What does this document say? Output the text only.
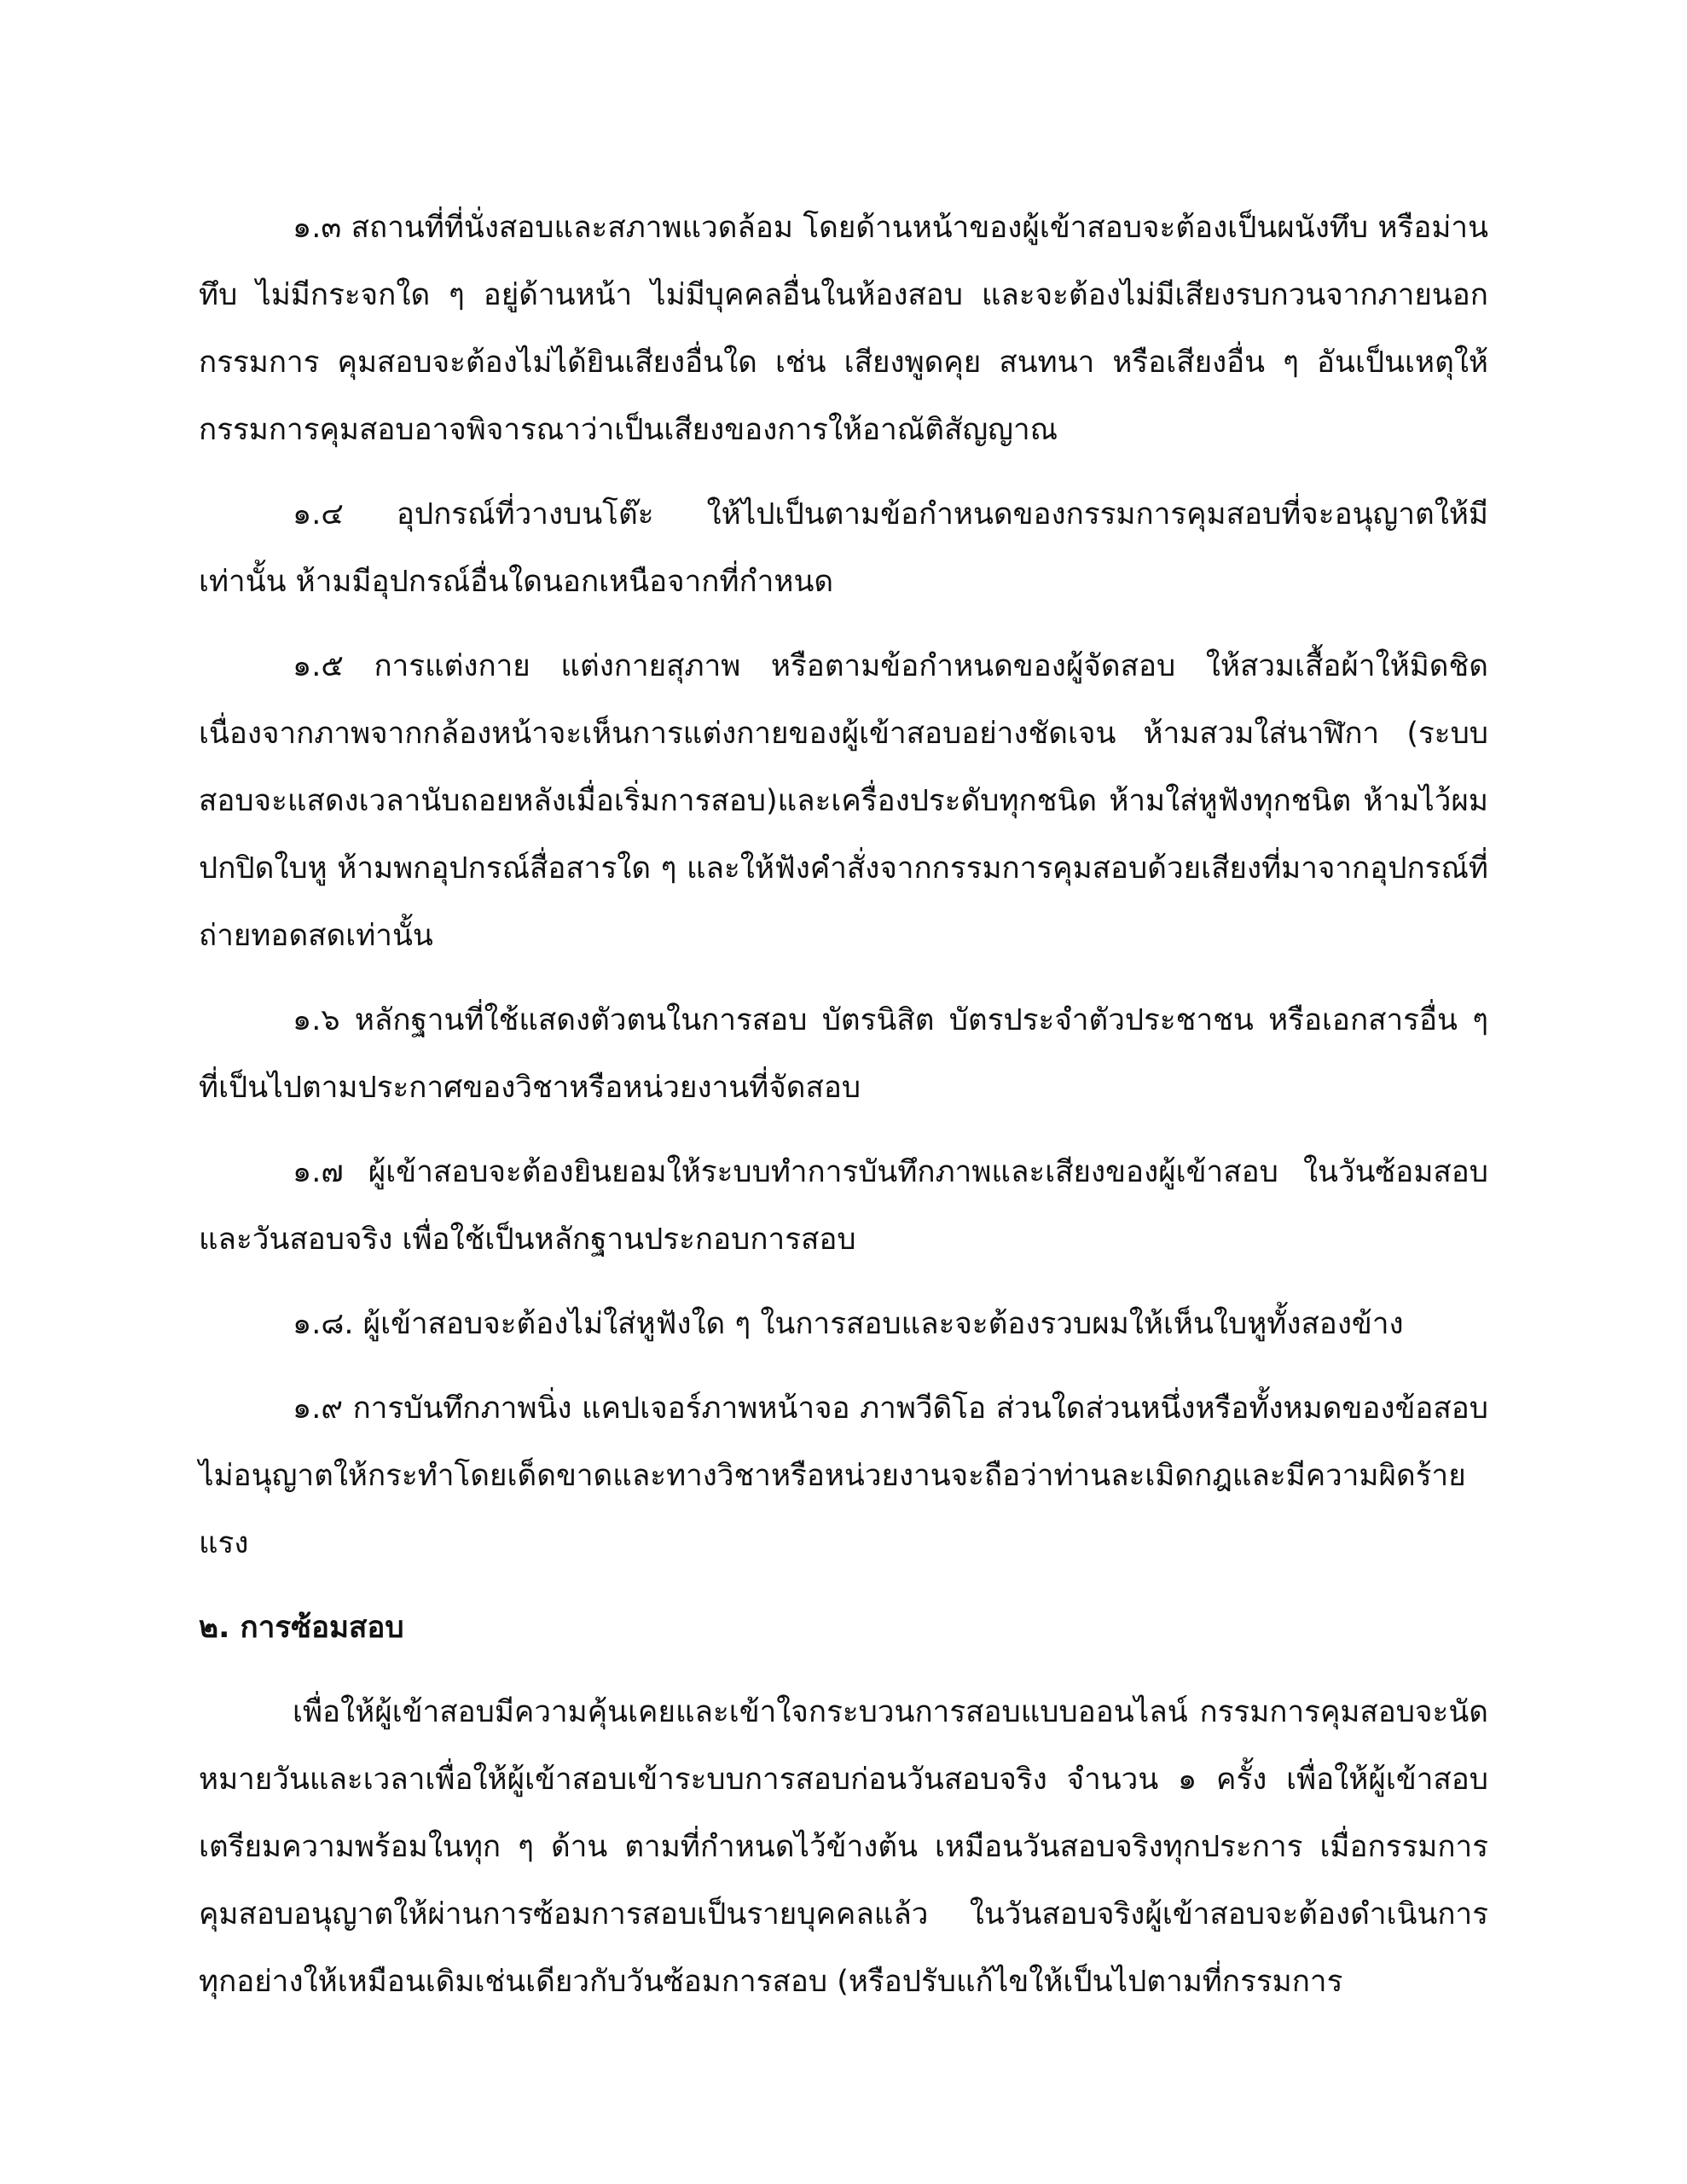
๑.๓ สถานที่ที่นั่งสอบและสภาพแวดล้อม โดยด้านหน้าของผู้เข้าสอบจะต้องเป็นผนังทึบ หรือม่านทึบ ไม่มีกระจกใด ๆ อยู่ด้านหน้า ไม่มีบุคคลอื่นในห้องสอบ และจะต้องไม่มีเสียงรบกวนจากภายนอก กรรมการ คุมสอบจะต้องไม่ได้ยินเสียงอื่นใด เช่น เสียงพูดคุย สนทนา หรือเสียงอื่น ๆ อันเป็นเหตุให้กรรมการคุมสอบอาจพิจารณาว่าเป็นเสียงของการให้อาณัติสัญญาณ

๑.๔ อุปกรณ์ที่วางบนโต๊ะ ให้ไปเป็นตามข้อกำหนดของกรรมการคุมสอบที่จะอนุญาตให้มีเท่านั้น ห้ามมีอุปกรณ์อื่นใดนอกเหนือจากที่กำหนด

๑.๕ การแต่งกาย แต่งกายสุภาพ หรือตามข้อกำหนดของผู้จัดสอบ ให้สวมเสื้อผ้าให้มิดชิด เนื่องจากภาพจากกล้องหน้าจะเห็นการแต่งกายของผู้เข้าสอบอย่างชัดเจน ห้ามสวมใส่นาฬิกา (ระบบสอบจะแสดงเวลานับถอยหลังเมื่อเริ่มการสอบ)และเครื่องประดับทุกชนิด ห้ามใส่หูฟังทุกชนิต ห้ามไว้ผมปกปิดใบหู ห้ามพกอุปกรณ์สื่อสารใด ๆ และให้ฟังคำสั่งจากกรรมการคุมสอบด้วยเสียงที่มาจากอุปกรณ์ที่ถ่ายทอดสดเท่านั้น

๑.๖ หลักฐานที่ใช้แสดงตัวตนในการสอบ บัตรนิสิต บัตรประจำตัวประชาชน หรือเอกสารอื่น ๆ ที่เป็นไปตามประกาศของวิชาหรือหน่วยงานที่จัดสอบ

๑.๗ ผู้เข้าสอบจะต้องยินยอมให้ระบบทำการบันทึกภาพและเสียงของผู้เข้าสอบ ในวันซ้อมสอบและวันสอบจริง เพื่อใช้เป็นหลักฐานประกอบการสอบ

๑.๘. ผู้เข้าสอบจะต้องไม่ใส่หูฟังใด ๆ ในการสอบและจะต้องรวบผมให้เห็นใบหูทั้งสองข้าง

๑.๙ การบันทึกภาพนิ่ง แคปเจอร์ภาพหน้าจอ ภาพวีดิโอ ส่วนใดส่วนหนึ่งหรือทั้งหมดของข้อสอบไม่อนุญาตให้กระทำโดยเด็ดขาดและทางวิชาหรือหน่วยงานจะถือว่าท่านละเมิดกฎและมีความผิดร้ายแรง

๒. การซ้อมสอบ

เพื่อให้ผู้เข้าสอบมีความคุ้นเคยและเข้าใจกระบวนการสอบแบบออนไลน์ กรรมการคุมสอบจะนัดหมายวันและเวลาเพื่อให้ผู้เข้าสอบเข้าระบบการสอบก่อนวันสอบจริง จำนวน ๑ ครั้ง เพื่อให้ผู้เข้าสอบเตรียมความพร้อมในทุก ๆ ด้าน ตามที่กำหนดไว้ข้างต้น เหมือนวันสอบจริงทุกประการ เมื่อกรรมการคุมสอบอนุญาตให้ผ่านการซ้อมการสอบเป็นรายบุคคลแล้ว ในวันสอบจริงผู้เข้าสอบจะต้องดำเนินการทุกอย่างให้เหมือนเดิมเช่นเดียวกับวันซ้อมการสอบ (หรือปรับแก้ไขให้เป็นไปตามที่กรรมการ
